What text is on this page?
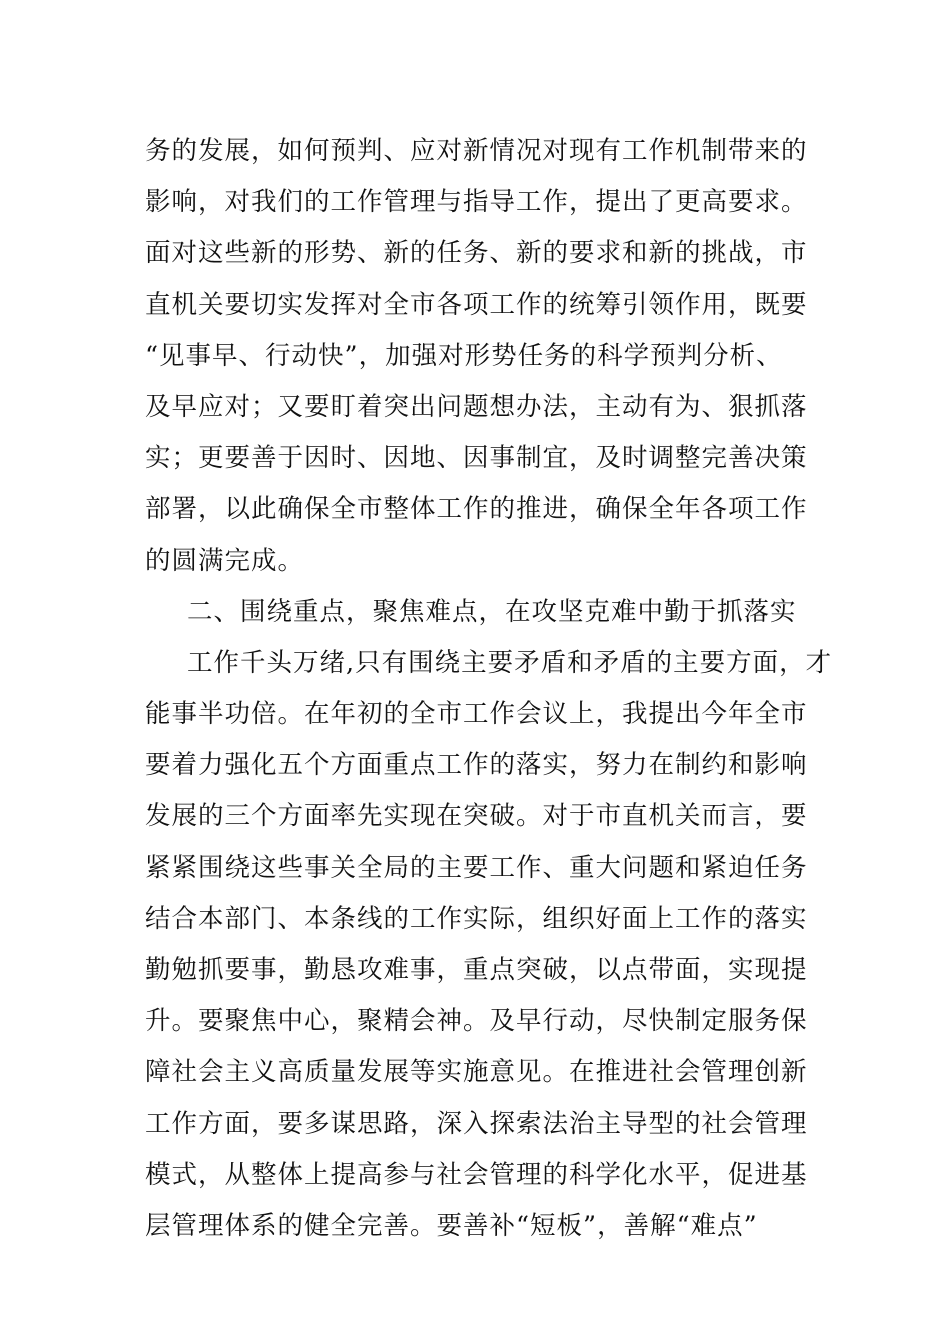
务的发展，如何预判、应对新情况对现有工作机制带来的
影响，对我们的工作管理与指导工作，提出了更高要求。
面对这些新的形势、新的任务、新的要求和新的挑战，市
直机关要切实发挥对全市各项工作的统筹引领作用，既要
“见事早、行动快”，加强对形势任务的科学预判分析、
及早应对；又要盯着突出问题想办法，主动有为、狠抓落
实；更要善于因时、因地、因事制宜，及时调整完善决策
部署，以此确保全市整体工作的推进，确保全年各项工作
的圆满完成。
二、围绕重点，聚焦难点，在攻坚克难中勤于抓落实
工作千头万绪,只有围绕主要矛盾和矛盾的主要方面，才
能事半功倍。在年初的全市工作会议上，我提出今年全市
要着力强化五个方面重点工作的落实，努力在制约和影响
发展的三个方面率先实现在突破。对于市直机关而言，要
紧紧围绕这些事关全局的主要工作、重大问题和紧迫任务
结合本部门、本条线的工作实际，组织好面上工作的落实
勤勉抓要事，勤恳攻难事，重点突破，以点带面，实现提
升。要聚焦中心，聚精会神。及早行动，尽快制定服务保
障社会主义高质量发展等实施意见。在推进社会管理创新
工作方面，要多谋思路，深入探索法治主导型的社会管理
模式，从整体上提高参与社会管理的科学化水平，促进基
层管理体系的健全完善。要善补“短板”，善解“难点”
